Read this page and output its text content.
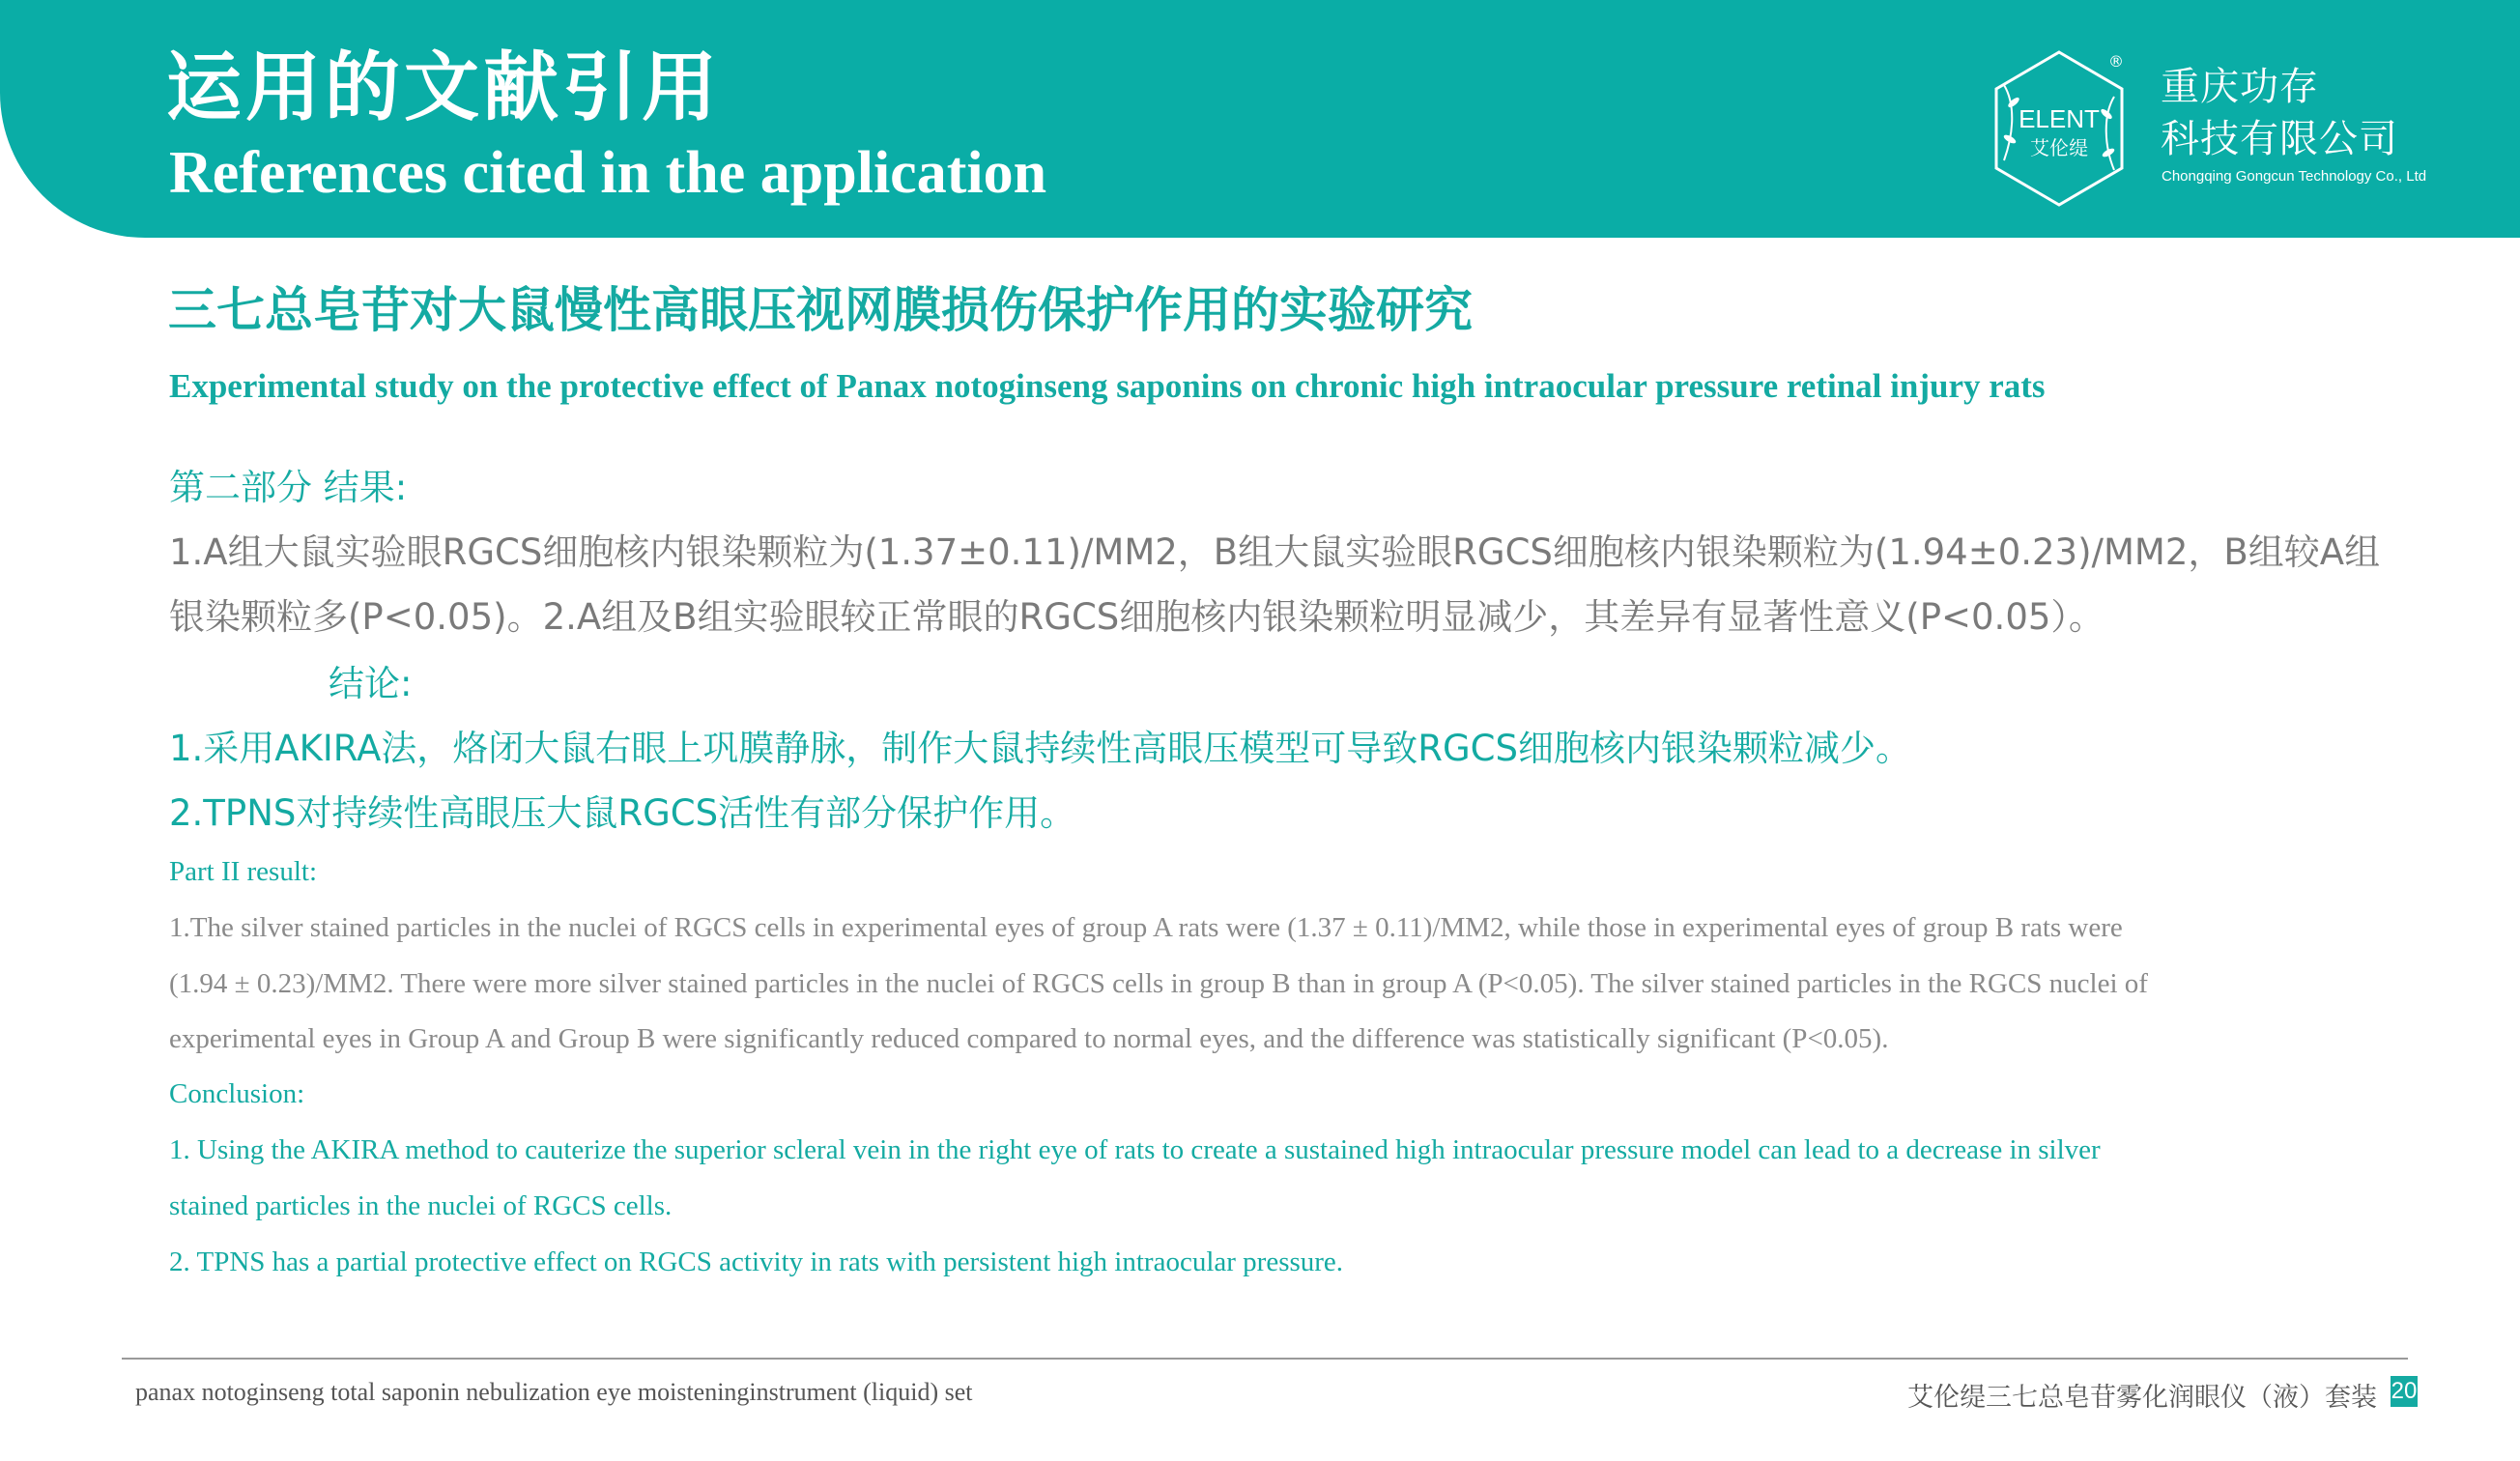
运用的文献引用
References cited in the application
ELENT
艾伦缇
®
重庆功存
科技有限公司
Chongqing Gongcun Technology Co., Ltd
三七总皂苷对大鼠慢性高眼压视网膜损伤保护作用的实验研究
Experimental study on the protective effect of Panax notoginseng saponins on chronic high intraocular pressure retinal injury rats
第二部分 结果:
1.A组大鼠实验眼RGCS细胞核内银染颗粒为(1.37±0.11)/MM2，B组大鼠实验眼RGCS细胞核内银染颗粒为(1.94±0.23)/MM2，B组较A组
银染颗粒多(P<0.05)。2.A组及B组实验眼较正常眼的RGCS细胞核内银染颗粒明显减少，其差异有显著性意义(P<0.05）。
结论:
1.采用AKIRA法，烙闭大鼠右眼上巩膜静脉，制作大鼠持续性高眼压模型可导致RGCS细胞核内银染颗粒减少。
2.TPNS对持续性高眼压大鼠RGCS活性有部分保护作用。
Part II result:
1.The silver stained particles in the nuclei of RGCS cells in experimental eyes of group A rats were (1.37 ± 0.11)/MM2, while those in experimental eyes of group B rats were
(1.94 ± 0.23)/MM2. There were more silver stained particles in the nuclei of RGCS cells in group B than in group A (P<0.05). The silver stained particles in the RGCS nuclei of
experimental eyes in Group A and Group B were significantly reduced compared to normal eyes, and the difference was statistically significant (P<0.05).
Conclusion:
1. Using the AKIRA method to cauterize the superior scleral vein in the right eye of rats to create a sustained high intraocular pressure model can lead to a decrease in silver
stained particles in the nuclei of RGCS cells.
2. TPNS has a partial protective effect on RGCS activity in rats with persistent high intraocular pressure.
panax notoginseng total saponin nebulization eye moisteninginstrument (liquid) set	艾伦缇三七总皂苷雾化润眼仪（液）套装 20
